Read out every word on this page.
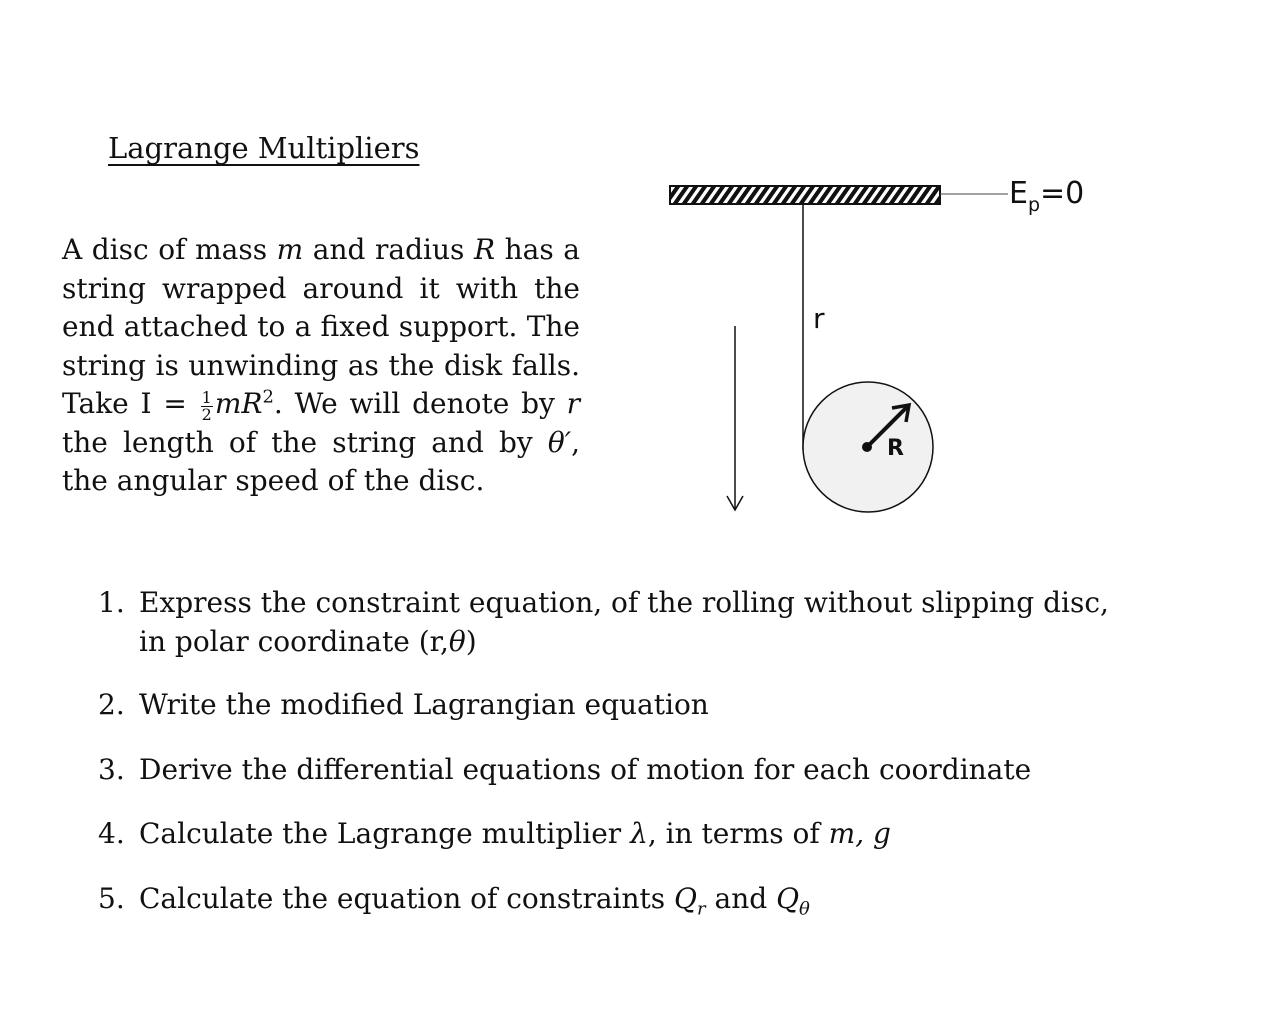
Lagrange Multipliers
A disc of mass m and radius R has a string wrapped around it with the end attached to a fixed support. The string is unwinding as the disk falls. Take $I = \frac{1}{2} mR^2$. We will denote by r the length of the string and by θ′, the angular speed of the disc.
$E_p=0$
r
R
1. Express the constraint equation, of the rolling without slipping disc, in polar coordinate (r,θ)
2. Write the modified Lagrangian equation
3. Derive the differential equations of motion for each coordinate
4. Calculate the Lagrange multiplier λ, in terms of m, g
5. Calculate the equation of constraints $Q_r$ and $Q_\theta$
